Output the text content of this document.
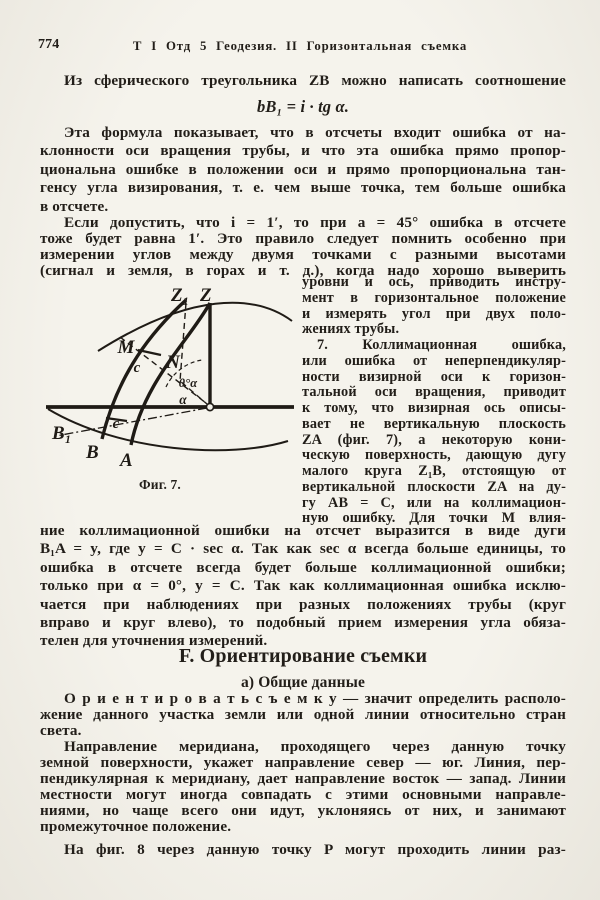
774	Т I Отд 5 Геодезия. II Горизонтальная съемка
Из сферического треугольника ZB можно написать соотношение
bB₁ = i · tg α.
Эта формула показывает, что в отсчеты входит ошибка от на-
клонности оси вращения трубы, и что эта ошибка прямо пропор-
циональна ошибке в положении оси и прямо пропорциональна тан-
генсу угла визирования, т. е. чем выше точка, тем больше ошибка
в отсчете.
Если допустить, что i = 1′, то при a = 45° ошибка в отсчете
тоже будет равна 1′. Это правило следует помнить особенно при
измерении углов между двумя точками с разными высотами
(сигнал и земля, в горах и т. д.), когда надо хорошо выверить
уровни и ось, приводить инстру-
мент в горизонтальное положение
и измерять угол при двух поло-
жениях трубы.
7. Коллимационная ошибка,
или ошибка от неперпендикуляр-
ности визирной оси к горизон-
тальной оси вращения, приводит
к тому, что визирная ось описы-
вает не вертикальную плоскость
ZA (фиг. 7), а некоторую кони-
ческую поверхность, дающую дугу
малого круга Z₁B, отстоящую от
вертикальной плоскости ZA на ду-
гу AB = C, или на коллимацион-
ную ошибку. Для точки M влия-
Z₁ Z
M
N
c
c
B₁
B A
0°α
α
Фиг. 7.
ние коллимационной ошибки на отсчет выразится в виде дуги
B₁A = y, где y = C · sec α. Так как sec α всегда больше единицы, то
ошибка в отсчете всегда будет больше коллимационной ошибки;
только при α = 0°, y = C. Так как коллимационная ошибка исклю-
чается при наблюдениях при разных положениях трубы (круг
вправо и круг влево), то подобный прием измерения угла обяза-
телен для уточнения измерений.
F. Ориентирование съемки
а) Общие данные
О р и е н т и р о в а т ь с ъ е м к у — значит определить располо-
жение данного участка земли или одной линии относительно стран
света.
Направление меридиана, проходящего через данную точку
земной поверхности, укажет направление север — юг. Линия, пер-
пендикулярная к меридиану, дает направление восток — запад. Линии
местности могут иногда совпадать с этими основными направле-
ниями, но чаще всего они идут, уклоняясь от них, и занимают
промежуточное положение.
На фиг. 8 через данную точку P могут проходить линии раз-
